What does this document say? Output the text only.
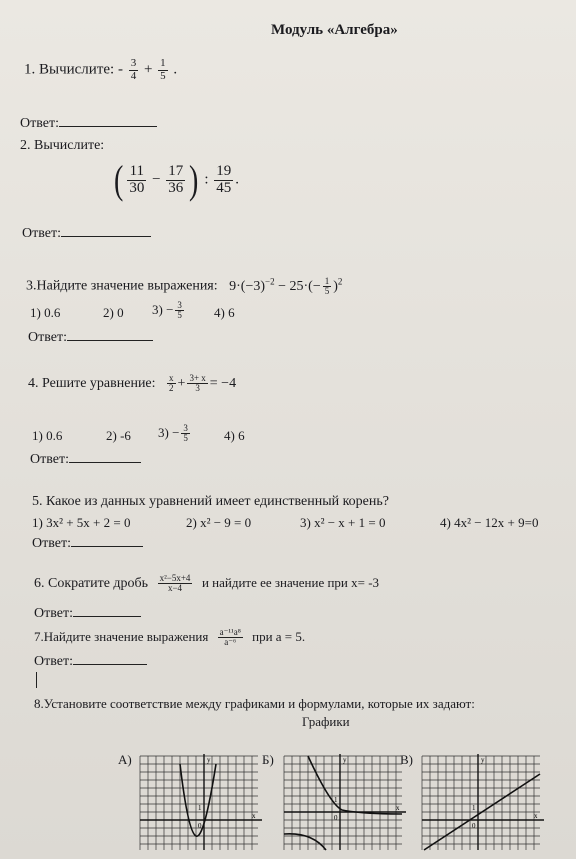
Модуль «Алгебра»
1. Вычислите: - $\frac{3}{4} + \frac{1}{5}$ .
Ответ:
2. Вычислите:
( $\frac{11}{30} - \frac{17}{36}$ ) : $\frac{19}{45}$ .
Ответ:
3.Найдите значение выражения: $9\cdot(-3)^{-2} - 25\cdot(- \frac{1}{5} )^2$
1) 0.6	2) 0 $3) - \frac{3}{5} 4$) 6
Ответ:
4. Решите уравнение: $\frac{x}{2} + \frac{3+ x}{3} = -4$
1) 0.6	2) -6 $3) - \frac{3}{5}$	4) 6
Ответ:
5. Какое из данных уравнений имеет единственный корень?
1) 3x² + 5x + 2 = 0	2) x² − 9 = 0	3) x² − x + 1 = 0	4) 4x² − 12x + 9=0
Ответ:
6. Сократите дробь $\frac{\text{x²−5x+4}}{x-4}$ и найдите ее значение при x= -3
Ответ:
7.Найдите значение выражения $\frac{\text{a⁻¹¹a⁸}}{\text{a⁻⁶}}$ при a = 5.
Ответ:
8.Установите соответствие между графиками и формулами, которые их задают:
Графики
А)	Б)	В)
y
x
1
0
y
x
1
0
y
x
1
0
